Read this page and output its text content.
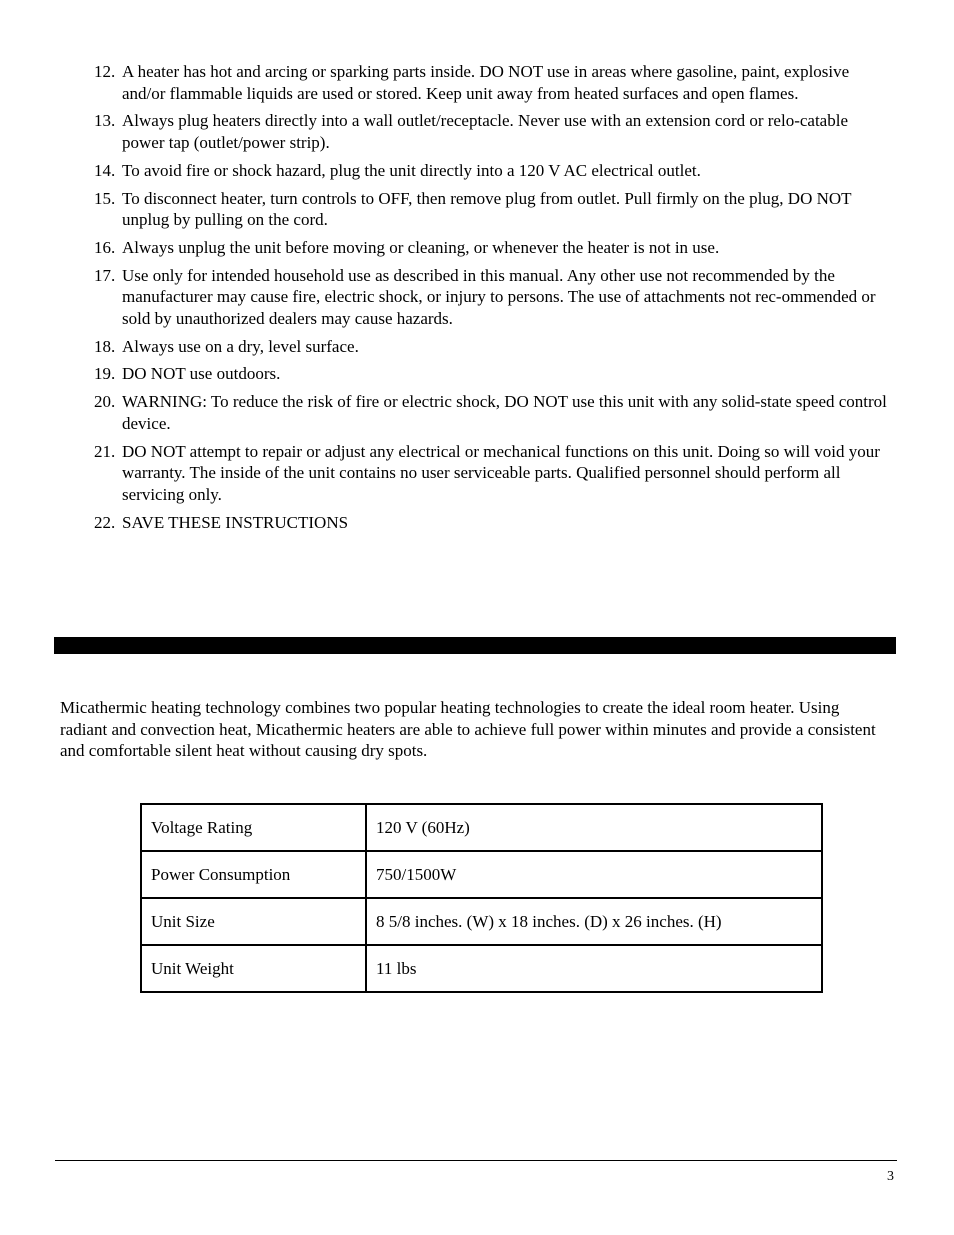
12. A heater has hot and arcing or sparking parts inside. DO NOT use in areas where gasoline, paint, explosive and/or flammable liquids are used or stored. Keep unit away from heated surfaces and open flames.
13. Always plug heaters directly into a wall outlet/receptacle. Never use with an extension cord or relo-catable power tap (outlet/power strip).
14. To avoid fire or shock hazard, plug the unit directly into a 120 V AC electrical outlet.
15. To disconnect heater, turn controls to OFF, then remove plug from outlet. Pull firmly on the plug, DO NOT unplug by pulling on the cord.
16. Always unplug the unit before moving or cleaning, or whenever the heater is not in use.
17. Use only for intended household use as described in this manual. Any other use not recommended by the manufacturer may cause fire, electric shock, or injury to persons. The use of attachments not rec-ommended or sold by unauthorized dealers may cause hazards.
18. Always use on a dry, level surface.
19. DO NOT use outdoors.
20. WARNING: To reduce the risk of fire or electric shock, DO NOT use this unit with any solid-state speed control device.
21. DO NOT attempt to repair or adjust any electrical or mechanical functions on this unit. Doing so will void your warranty. The inside of the unit contains no user serviceable parts. Qualified personnel should perform all servicing only.
22. SAVE THESE INSTRUCTIONS

Micathermic heating technology combines two popular heating technologies to create the ideal room heater. Using radiant and convection heat, Micathermic heaters are able to achieve full power within minutes and provide a consistent and comfortable silent heat without causing dry spots.

Voltage Rating	120 V (60Hz)
Power Consumption	750/1500W
Unit Size	8 5/8 inches. (W) x 18 inches. (D) x 26 inches. (H)
Unit Weight	11 lbs
3
